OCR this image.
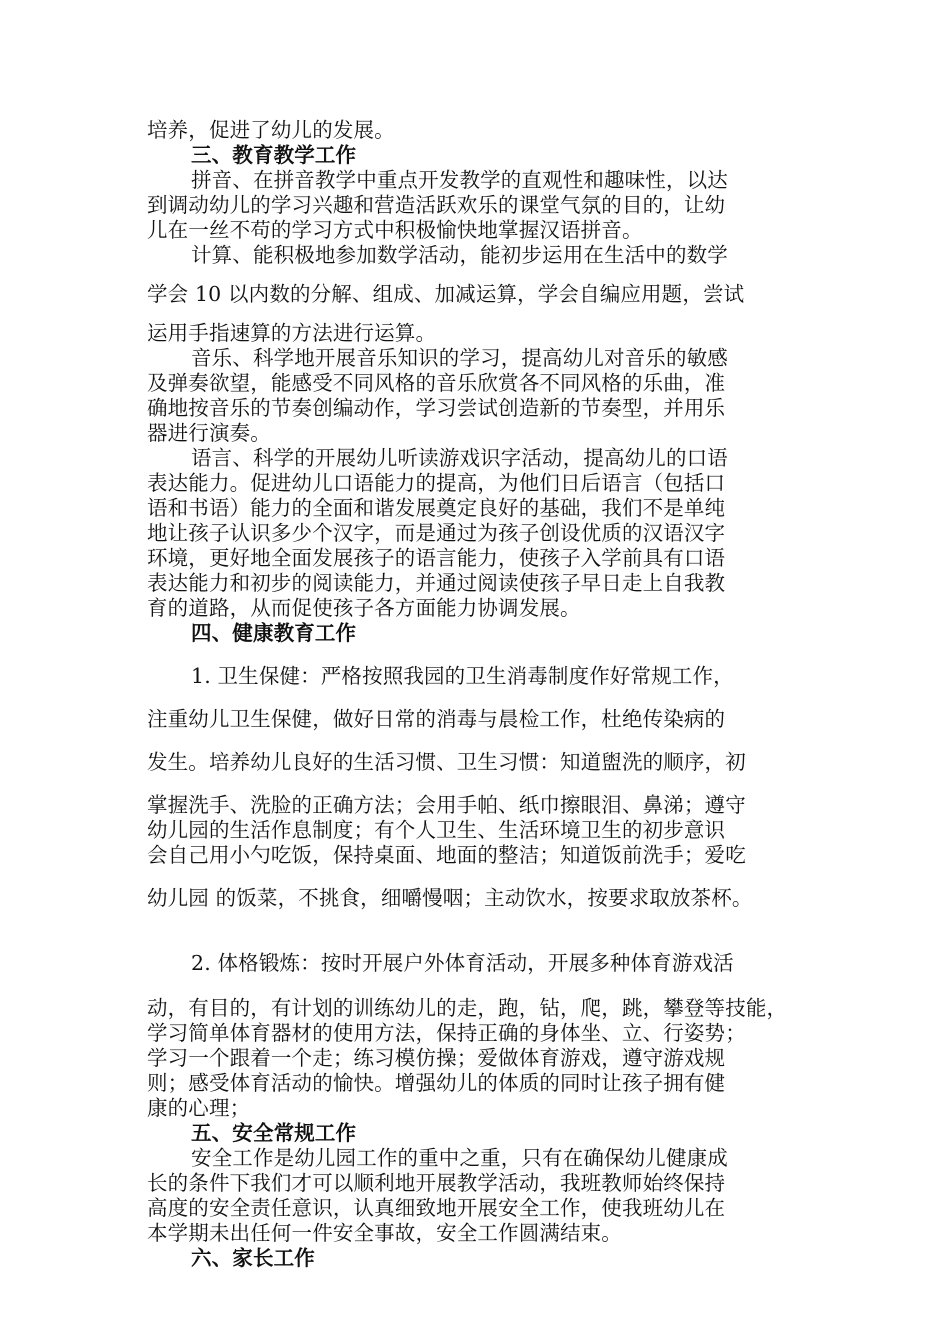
培养，促进了幼儿的发展。
三、教育教学工作
拼音、在拼音教学中重点开发教学的直观性和趣味性，以达
到调动幼儿的学习兴趣和营造活跃欢乐的课堂气氛的目的，让幼
儿在一丝不苟的学习方式中积极愉快地掌握汉语拼音。
计算、能积极地参加数学活动，能初步运用在生活中的数学
学会 10 以内数的分解、组成、加减运算，学会自编应用题，尝试
运用手指速算的方法进行运算。
音乐、科学地开展音乐知识的学习，提高幼儿对音乐的敏感
及弹奏欲望，能感受不同风格的音乐欣赏各不同风格的乐曲，准
确地按音乐的节奏创编动作，学习尝试创造新的节奏型，并用乐
器进行演奏。
语言、科学的开展幼儿听读游戏识字活动，提高幼儿的口语
表达能力。促进幼儿口语能力的提高，为他们日后语言（包括口
语和书语）能力的全面和谐发展奠定良好的基础，我们不是单纯
地让孩子认识多少个汉字，而是通过为孩子创设优质的汉语汉字
环境，更好地全面发展孩子的语言能力，使孩子入学前具有口语
表达能力和初步的阅读能力，并通过阅读使孩子早日走上自我教
育的道路，从而促使孩子各方面能力协调发展。
四、健康教育工作
1. 卫生保健：严格按照我园的卫生消毒制度作好常规工作，
注重幼儿卫生保健，做好日常的消毒与晨检工作，杜绝传染病的
发生。培养幼儿良好的生活习惯、卫生习惯：知道盥洗的顺序，初
掌握洗手、洗脸的正确方法；会用手帕、纸巾擦眼泪、鼻涕；遵守
幼儿园的生活作息制度；有个人卫生、生活环境卫生的初步意识
会自己用小勺吃饭，保持桌面、地面的整洁；知道饭前洗手；爱吃
幼儿园 的饭菜，不挑食，细嚼慢咽；主动饮水，按要求取放茶杯。
2. 体格锻炼：按时开展户外体育活动，开展多种体育游戏活
动，有目的，有计划的训练幼儿的走，跑，钻，爬，跳，攀登等技能，
学习简单体育器材的使用方法，保持正确的身体坐、立、行姿势；
学习一个跟着一个走；练习模仿操；爱做体育游戏，遵守游戏规
则；感受体育活动的愉快。增强幼儿的体质的同时让孩子拥有健
康的心理；
五、安全常规工作
安全工作是幼儿园工作的重中之重，只有在确保幼儿健康成
长的条件下我们才可以顺利地开展教学活动，我班教师始终保持
高度的安全责任意识，认真细致地开展安全工作，使我班幼儿在
本学期未出任何一件安全事故，安全工作圆满结束。
六、家长工作
